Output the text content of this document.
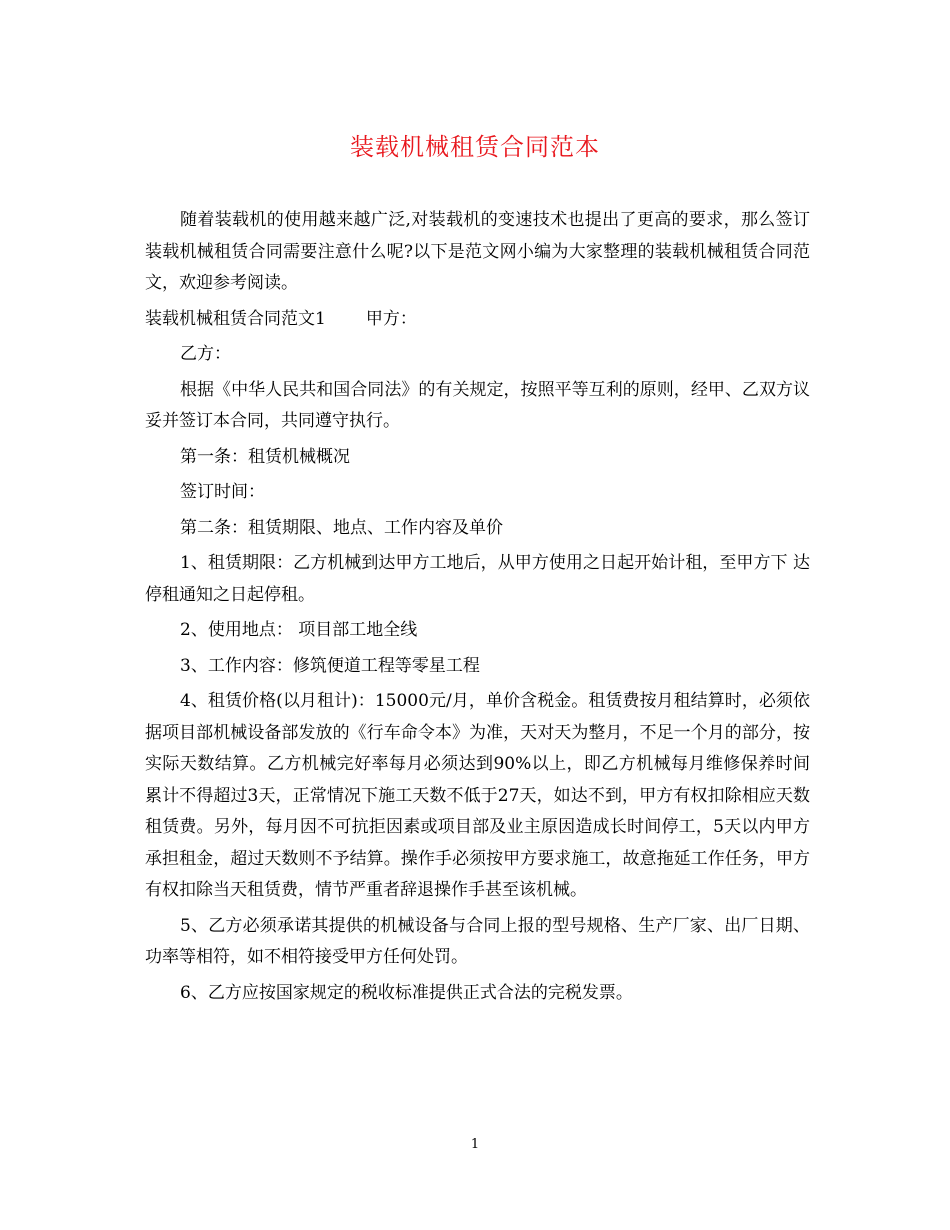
装载机械租赁合同范本

随着装载机的使用越来越广泛,对装载机的变速技术也提出了更高的要求，那么签订装载机械租赁合同需要注意什么呢?以下是范文网小编为大家整理的装载机械租赁合同范文，欢迎参考阅读。

装载机械租赁合同范文1 甲方：

乙方：

根据《中华人民共和国合同法》的有关规定，按照平等互利的原则，经甲、乙双方议妥并签订本合同，共同遵守执行。

第一条：租赁机械概况

签订时间：

第二条：租赁期限、地点、工作内容及单价

1、租赁期限：乙方机械到达甲方工地后，从甲方使用之日起开始计租，至甲方下 达停租通知之日起停租。

2、使用地点： 项目部工地全线

3、工作内容：修筑便道工程等零星工程

4、租赁价格(以月租计)：15000元/月，单价含税金。租赁费按月租结算时，必须依据项目部机械设备部发放的《行车命令本》为准，天对天为整月，不足一个月的部分，按实际天数结算。乙方机械完好率每月必须达到90%以上，即乙方机械每月维修保养时间累计不得超过3天，正常情况下施工天数不低于27天，如达不到，甲方有权扣除相应天数租赁费。另外，每月因不可抗拒因素或项目部及业主原因造成长时间停工，5天以内甲方承担租金，超过天数则不予结算。操作手必须按甲方要求施工，故意拖延工作任务，甲方有权扣除当天租赁费，情节严重者辞退操作手甚至该机械。

5、乙方必须承诺其提供的机械设备与合同上报的型号规格、生产厂家、出厂日期、功率等相符，如不相符接受甲方任何处罚。

6、乙方应按国家规定的税收标准提供正式合法的完税发票。

1
